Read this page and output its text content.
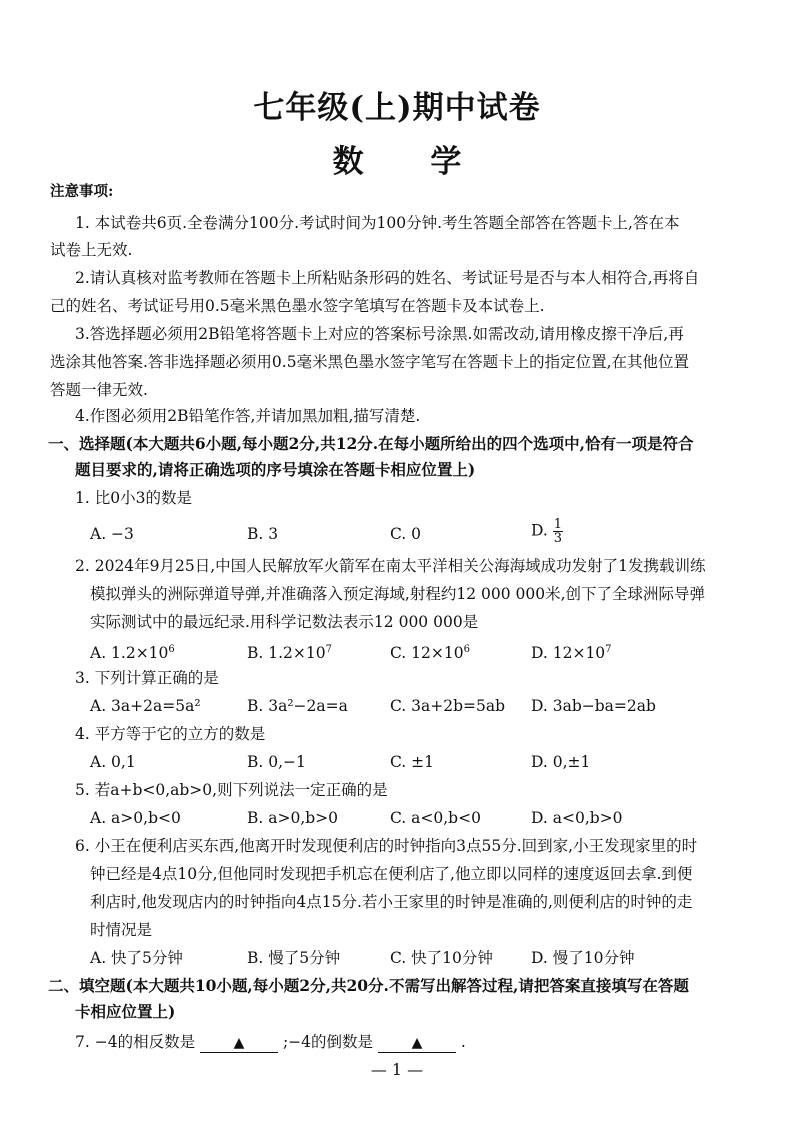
七年级(上)期中试卷
数 学
注意事项:
1. 本试卷共6页.全卷满分100分.考试时间为100分钟.考生答题全部答在答题卡上,答在本
试卷上无效.
2.请认真核对监考教师在答题卡上所粘贴条形码的姓名、考试证号是否与本人相符合,再将自
己的姓名、考试证号用0.5毫米黑色墨水签字笔填写在答题卡及本试卷上.
3.答选择题必须用2B铅笔将答题卡上对应的答案标号涂黑.如需改动,请用橡皮擦干净后,再
选涂其他答案.答非选择题必须用0.5毫米黑色墨水签字笔写在答题卡上的指定位置,在其他位置
答题一律无效.
4.作图必须用2B铅笔作答,并请加黑加粗,描写清楚.
一、选择题(本大题共6小题,每小题2分,共12分.在每小题所给出的四个选项中,恰有一项是符合
题目要求的,请将正确选项的序号填涂在答题卡相应位置上)
1. 比0小3的数是
A. −3	B. 3	C. 0	D. $\frac{1}{3}$
2. 2024年9月25日,中国人民解放军火箭军在南太平洋相关公海海域成功发射了1发携载训练
模拟弹头的洲际弹道导弹,并准确落入预定海域,射程约12 000 000米,创下了全球洲际导弹
实际测试中的最远纪录.用科学记数法表示12 000 000是
A. $1.2\times 10^6$	B. $1.2\times 10^7$	C. $12\times 10^6$	D. $12\times 10^7$
3. 下列计算正确的是
A. 3a+2a=5a²	B. 3a²−2a=a	C. 3a+2b=5ab D. 3ab−ba=2ab
4. 平方等于它的立方的数是
A. 0,1	B. 0,−1	C. ±1	D. 0,±1
5. 若a+b<0,ab>0,则下列说法一定正确的是
A. a>0,b<0	B. a>0,b>0	C. a<0,b<0	D. a<0,b>0
6. 小王在便利店买东西,他离开时发现便利店的时钟指向3点55分.回到家,小王发现家里的时
钟已经是4点10分,但他同时发现把手机忘在便利店了,他立即以同样的速度返回去拿.到便
利店时,他发现店内的时钟指向4点15分.若小王家里的时钟是准确的,则便利店的时钟的走
时情况是
A. 快了5分钟	B. 慢了5分钟	C. 快了10分钟 D. 慢了10分钟
二、填空题(本大题共10小题,每小题2分,共20分.不需写出解答过程,请把答案直接填写在答题
卡相应位置上)
7. −4的相反数是	▲ ;−4的倒数是	▲ .
— 1 —
